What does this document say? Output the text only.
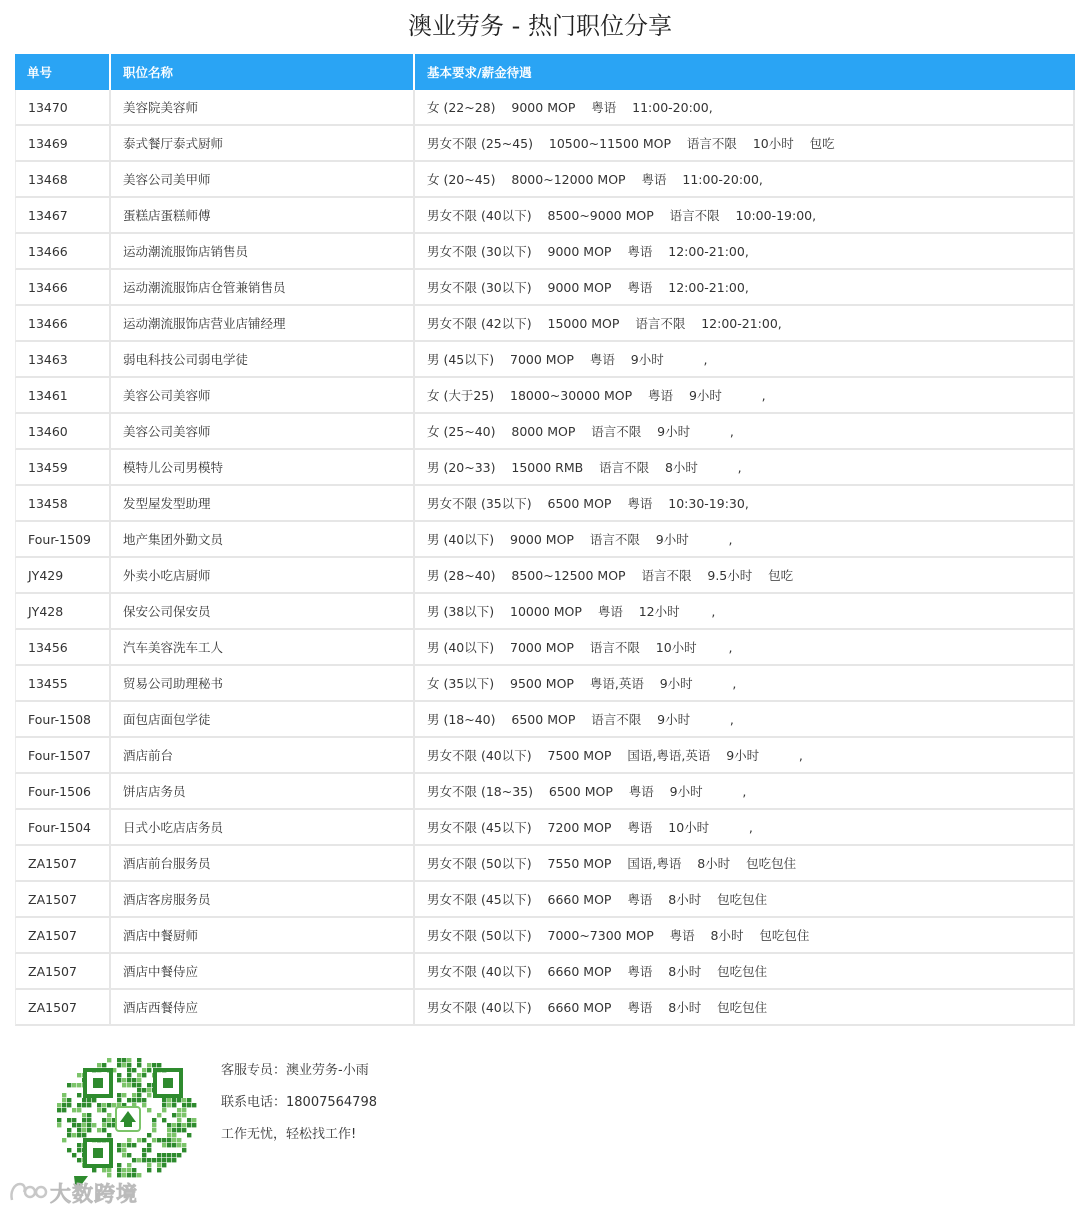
澳业劳务 - 热门职位分享
单号	职位名称	基本要求/薪金待遇
13470	美容院美容师	女 (22~28)    9000 MOP    粤语    11:00-20:00,
13469	泰式餐厅泰式厨师	男女不限 (25~45)    10500~11500 MOP    语言不限    10小时    包吃
13468	美容公司美甲师	女 (20~45)    8000~12000 MOP    粤语    11:00-20:00,
13467	蛋糕店蛋糕师傅	男女不限 (40以下)    8500~9000 MOP    语言不限    10:00-19:00,
13466	运动潮流服饰店销售员	男女不限 (30以下)    9000 MOP    粤语    12:00-21:00,
13466	运动潮流服饰店仓管兼销售员	男女不限 (30以下)    9000 MOP    粤语    12:00-21:00,
13466	运动潮流服饰店营业店铺经理	男女不限 (42以下)    15000 MOP    语言不限    12:00-21:00,
13463	弱电科技公司弱电学徒	男 (45以下)    7000 MOP    粤语    9小时          ,
13461	美容公司美容师	女 (大于25)    18000~30000 MOP    粤语    9小时          ,
13460	美容公司美容师	女 (25~40)    8000 MOP    语言不限    9小时          ,
13459	模特儿公司男模特	男 (20~33)    15000 RMB    语言不限    8小时          ,
13458	发型屋发型助理	男女不限 (35以下)    6500 MOP    粤语    10:30-19:30,
Four-1509	地产集团外勤文员	男 (40以下)    9000 MOP    语言不限    9小时          ,
JY429	外卖小吃店厨师	男 (28~40)    8500~12500 MOP    语言不限    9.5小时    包吃
JY428	保安公司保安员	男 (38以下)    10000 MOP    粤语    12小时        ,
13456	汽车美容洗车工人	男 (40以下)    7000 MOP    语言不限    10小时        ,
13455	贸易公司助理秘书	女 (35以下)    9500 MOP    粤语,英语    9小时          ,
Four-1508	面包店面包学徒	男 (18~40)    6500 MOP    语言不限    9小时          ,
Four-1507	酒店前台	男女不限 (40以下)    7500 MOP    国语,粤语,英语    9小时          ,
Four-1506	饼店店务员	男女不限 (18~35)    6500 MOP    粤语    9小时          ,
Four-1504	日式小吃店店务员	男女不限 (45以下)    7200 MOP    粤语    10小时          ,
ZA1507	酒店前台服务员	男女不限 (50以下)    7550 MOP    国语,粤语    8小时    包吃包住
ZA1507	酒店客房服务员	男女不限 (45以下)    6660 MOP    粤语    8小时    包吃包住
ZA1507	酒店中餐厨师	男女不限 (50以下)    7000~7300 MOP    粤语    8小时    包吃包住
ZA1507	酒店中餐侍应	男女不限 (40以下)    6660 MOP    粤语    8小时    包吃包住
ZA1507	酒店西餐侍应	男女不限 (40以下)    6660 MOP    粤语    8小时    包吃包住
客服专员：澳业劳务-小雨
联系电话：18007564798
工作无忧，轻松找工作!
大数跨境
